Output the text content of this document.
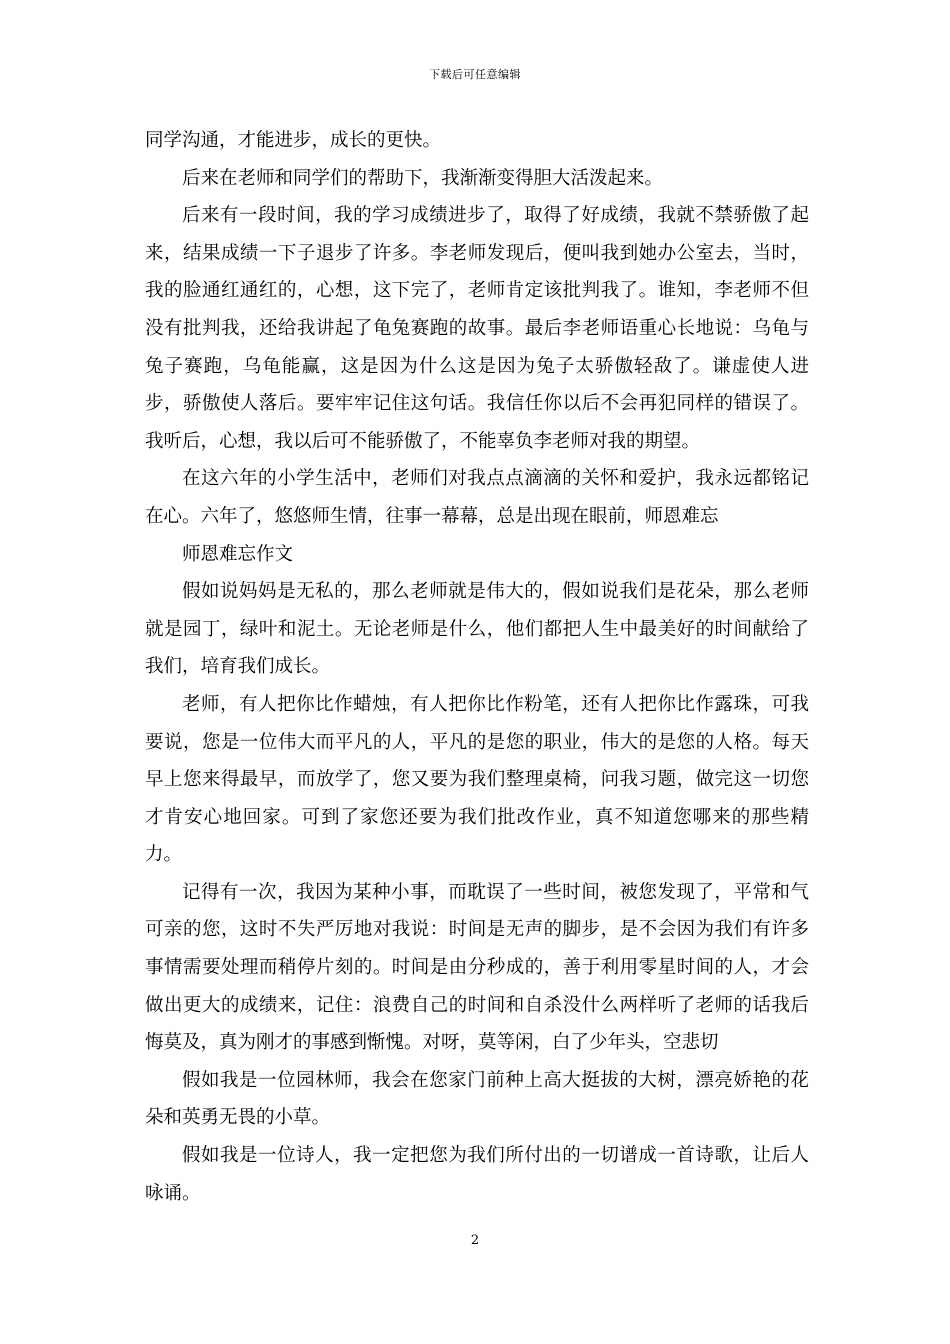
下载后可任意编辑

同学沟通，才能进步，成长的更快。

后来在老师和同学们的帮助下，我渐渐变得胆大活泼起来。

后来有一段时间，我的学习成绩进步了，取得了好成绩，我就不禁骄傲了起来，结果成绩一下子退步了许多。李老师发现后，便叫我到她办公室去，当时，我的脸通红通红的，心想，这下完了，老师肯定该批判我了。谁知，李老师不但没有批判我，还给我讲起了龟兔赛跑的故事。最后李老师语重心长地说：乌龟与兔子赛跑，乌龟能赢，这是因为什么这是因为兔子太骄傲轻敌了。谦虚使人进步，骄傲使人落后。要牢牢记住这句话。我信任你以后不会再犯同样的错误了。我听后，心想，我以后可不能骄傲了，不能辜负李老师对我的期望。

在这六年的小学生活中，老师们对我点点滴滴的关怀和爱护，我永远都铭记在心。六年了，悠悠师生情，往事一幕幕，总是出现在眼前，师恩难忘

师恩难忘作文

假如说妈妈是无私的，那么老师就是伟大的，假如说我们是花朵，那么老师就是园丁，绿叶和泥土。无论老师是什么，他们都把人生中最美好的时间献给了我们，培育我们成长。

老师，有人把你比作蜡烛，有人把你比作粉笔，还有人把你比作露珠，可我要说，您是一位伟大而平凡的人，平凡的是您的职业，伟大的是您的人格。每天早上您来得最早，而放学了，您又要为我们整理桌椅，问我习题，做完这一切您才肯安心地回家。可到了家您还要为我们批改作业，真不知道您哪来的那些精力。

记得有一次，我因为某种小事，而耽误了一些时间，被您发现了，平常和气可亲的您，这时不失严厉地对我说：时间是无声的脚步，是不会因为我们有许多事情需要处理而稍停片刻的。时间是由分秒成的，善于利用零星时间的人，才会做出更大的成绩来，记住：浪费自己的时间和自杀没什么两样听了老师的话我后悔莫及，真为刚才的事感到惭愧。对呀，莫等闲，白了少年头，空悲切

假如我是一位园林师，我会在您家门前种上高大挺拔的大树，漂亮娇艳的花朵和英勇无畏的小草。

假如我是一位诗人，我一定把您为我们所付出的一切谱成一首诗歌，让后人咏诵。

2
